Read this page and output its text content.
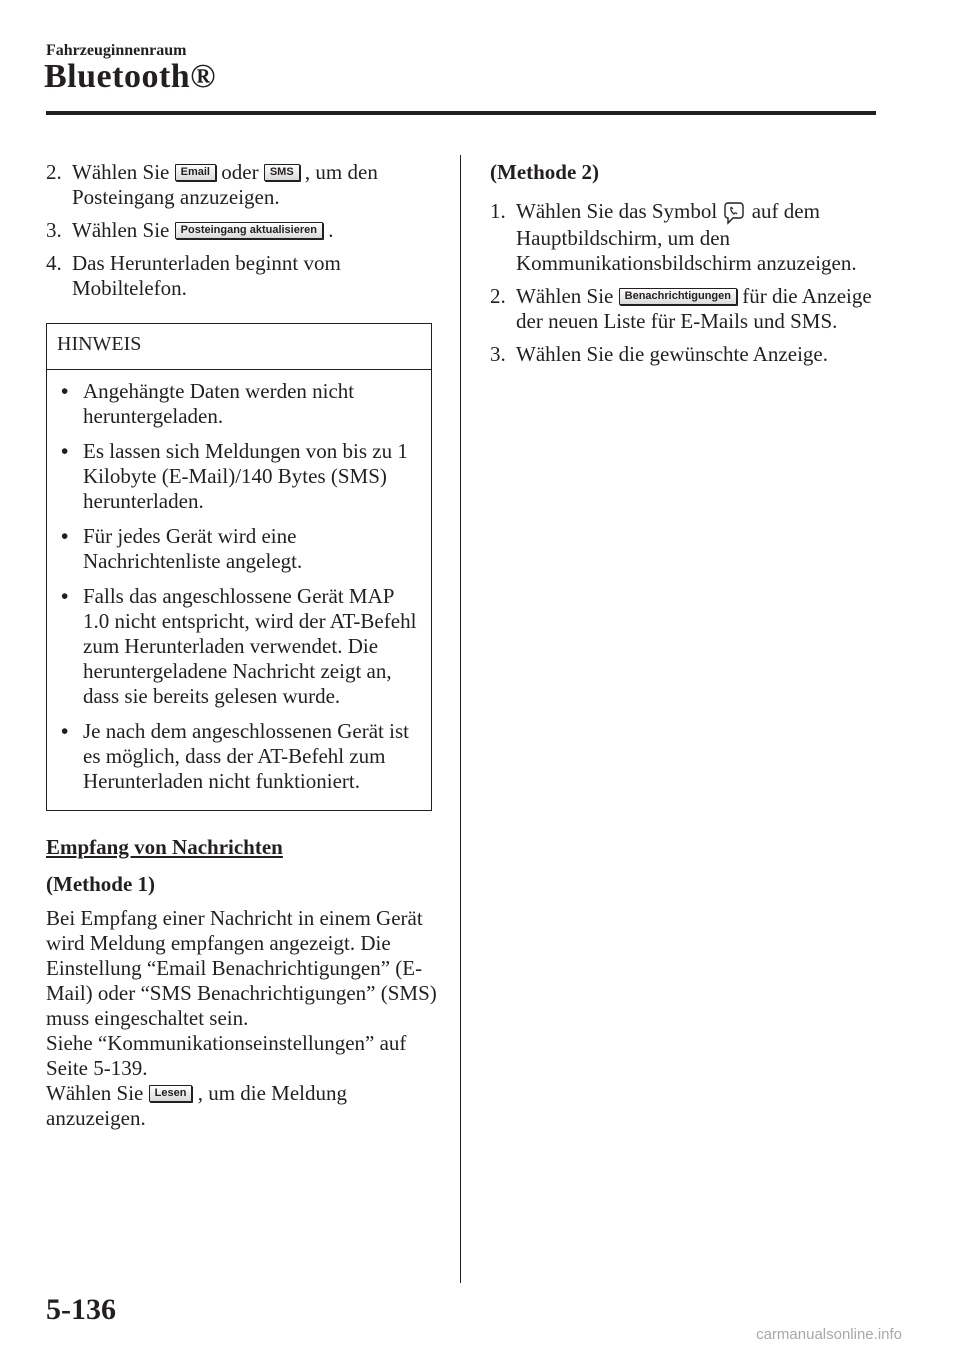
Fahrzeuginnenraum
Bluetooth®
2. Wählen Sie Email oder SMS , um den Posteingang anzuzeigen.
3. Wählen Sie Posteingang aktualisieren .
4. Das Herunterladen beginnt vom Mobiltelefon.
HINWEIS
• Angehängte Daten werden nicht heruntergeladen.
• Es lassen sich Meldungen von bis zu 1 Kilobyte (E-Mail)/140 Bytes (SMS) herunterladen.
• Für jedes Gerät wird eine Nachrichtenliste angelegt.
• Falls das angeschlossene Gerät MAP 1.0 nicht entspricht, wird der AT-Befehl zum Herunterladen verwendet. Die heruntergeladene Nachricht zeigt an, dass sie bereits gelesen wurde.
• Je nach dem angeschlossenen Gerät ist es möglich, dass der AT-Befehl zum Herunterladen nicht funktioniert.
Empfang von Nachrichten
(Methode 1)
Bei Empfang einer Nachricht in einem Gerät wird Meldung empfangen angezeigt. Die Einstellung “Email Benachrichtigungen” (E-Mail) oder “SMS Benachrichtigungen” (SMS) muss eingeschaltet sein.
Siehe “Kommunikationseinstellungen” auf Seite 5-139.
Wählen Sie Lesen , um die Meldung anzuzeigen.
(Methode 2)
1. Wählen Sie das Symbol  auf dem Hauptbildschirm, um den Kommunikationsbildschirm anzuzeigen.
2. Wählen Sie Benachrichtigungen für die Anzeige der neuen Liste für E-Mails und SMS.
3. Wählen Sie die gewünschte Anzeige.
5-136
carmanualsonline.info
